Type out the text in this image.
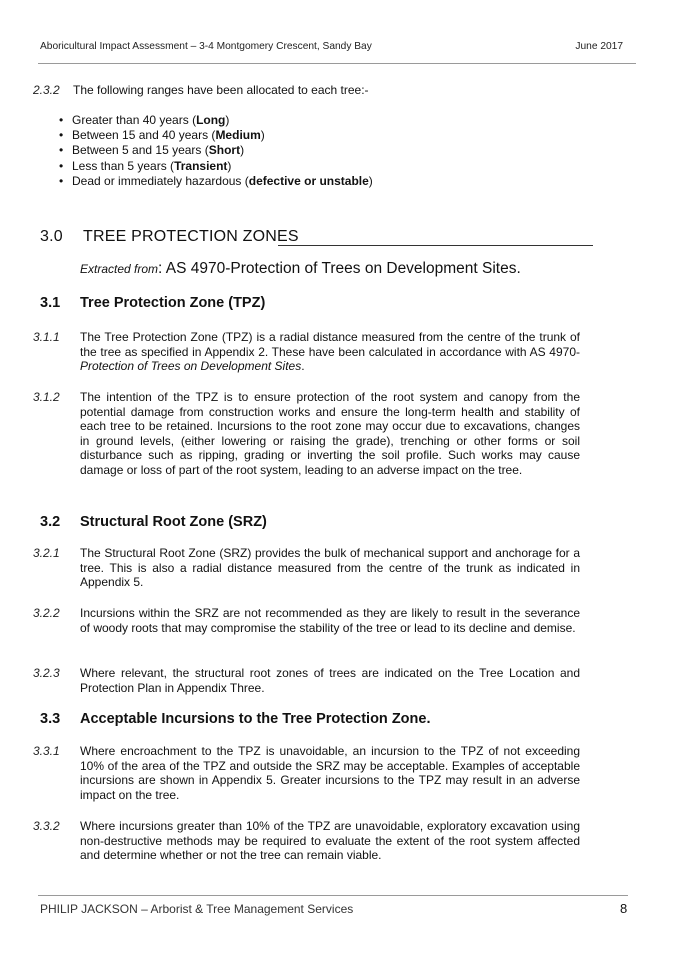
Aboricultural Impact Assessment – 3-4 Montgomery Crescent, Sandy Bay	June 2017
2.3.2 The following ranges have been allocated to each tree:-
• Greater than 40 years (Long)
• Between 15 and 40 years (Medium)
• Between 5 and 15 years (Short)
• Less than 5 years (Transient)
• Dead or immediately hazardous (defective or unstable)
3.0 TREE PROTECTION ZONES
Extracted from: AS 4970-Protection of Trees on Development Sites.
3.1 Tree Protection Zone (TPZ)
3.1.1 The Tree Protection Zone (TPZ) is a radial distance measured from the centre of the trunk of the tree as specified in Appendix 2. These have been calculated in accordance with AS 4970- Protection of Trees on Development Sites.
3.1.2 The intention of the TPZ is to ensure protection of the root system and canopy from the potential damage from construction works and ensure the long-term health and stability of each tree to be retained. Incursions to the root zone may occur due to excavations, changes in ground levels, (either lowering or raising the grade), trenching or other forms or soil disturbance such as ripping, grading or inverting the soil profile. Such works may cause damage or loss of part of the root system, leading to an adverse impact on the tree.
3.2 Structural Root Zone (SRZ)
3.2.1 The Structural Root Zone (SRZ) provides the bulk of mechanical support and anchorage for a tree. This is also a radial distance measured from the centre of the trunk as indicated in Appendix 5.
3.2.2 Incursions within the SRZ are not recommended as they are likely to result in the severance of woody roots that may compromise the stability of the tree or lead to its decline and demise.
3.2.3 Where relevant, the structural root zones of trees are indicated on the Tree Location and Protection Plan in Appendix Three.
3.3 Acceptable Incursions to the Tree Protection Zone.
3.3.1 Where encroachment to the TPZ is unavoidable, an incursion to the TPZ of not exceeding 10% of the area of the TPZ and outside the SRZ may be acceptable. Examples of acceptable incursions are shown in Appendix 5. Greater incursions to the TPZ may result in an adverse impact on the tree.
3.3.2 Where incursions greater than 10% of the TPZ are unavoidable, exploratory excavation using non-destructive methods may be required to evaluate the extent of the root system affected and determine whether or not the tree can remain viable.
PHILIP JACKSON – Arborist & Tree Management Services	8
